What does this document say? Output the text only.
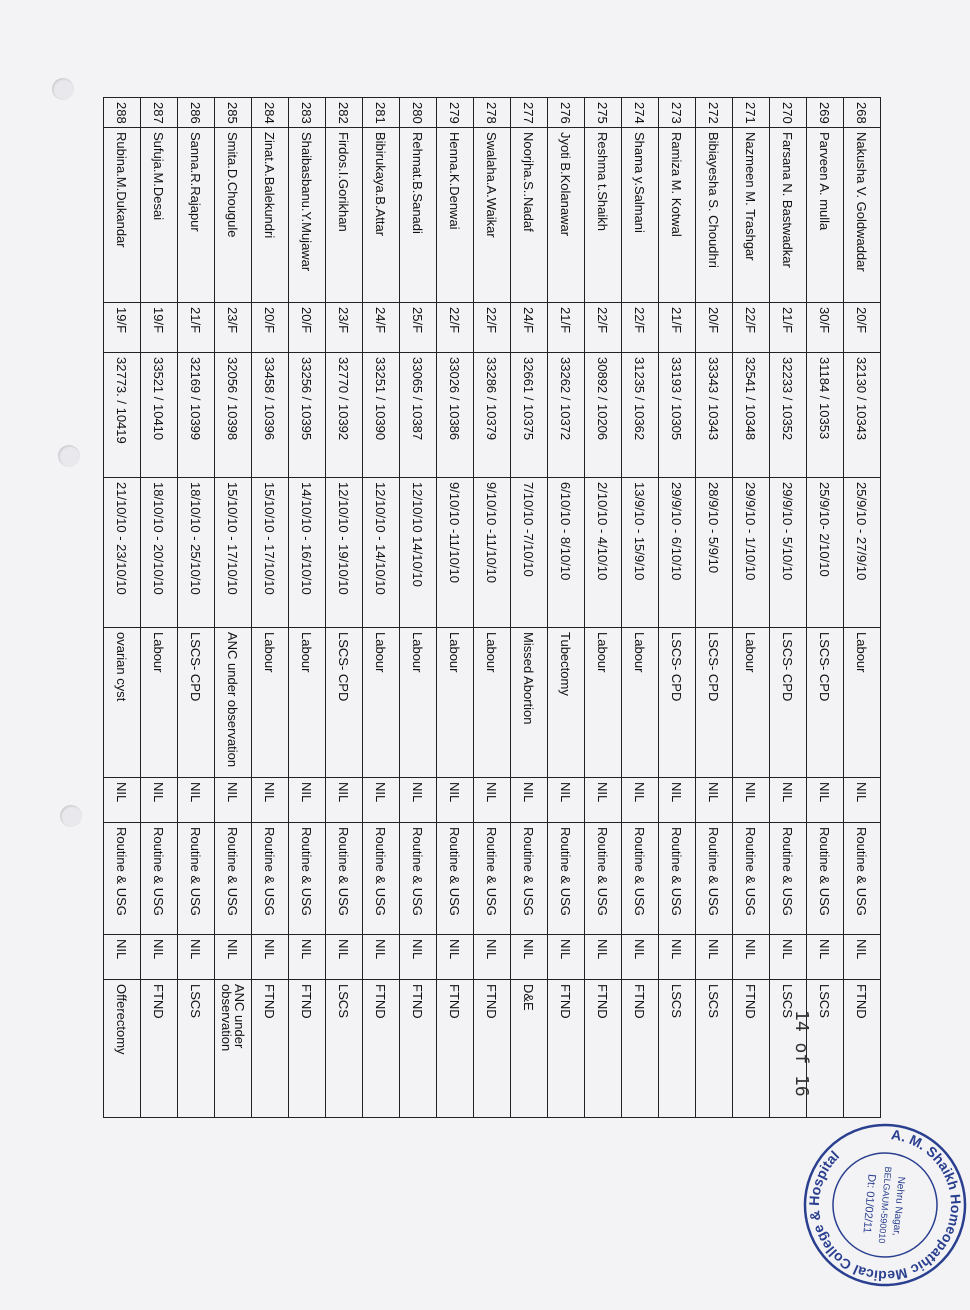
268	Nakusha V. Goldwaddar	20/F	32130 / 10343	25/9/10 - 27/9/10	Labour	NIL	Routine & USG	NIL	FTND
269	Parveen A. mulla	30/F	31184 / 10353	25/9/10- 2/10/10	LSCS- CPD	NIL	Routine & USG	NIL	LSCS
270	Farsana N. Bastwadkar	21/F	32233 / 10352	29/9/10 - 5/10/10	LSCS- CPD	NIL	Routine & USG	NIL	LSCS
271	Nazmeen M. Trashgar	22/F	32541 / 10348	29/9/10 - 1/10/10	Labour	NIL	Routine & USG	NIL	FTND
272	Bibiayesha S. Choudhri	20/F	33343 / 10343	28/9/10 - 5/9/10	LSCS- CPD	NIL	Routine & USG	NIL	LSCS
273	Ramiza M. Kotwal	21/F	33193 / 10305	29/9/10 - 6/10/10	LSCS- CPD	NIL	Routine & USG	NIL	LSCS
274	Shama y.Salmani	22/F	31235 / 10362	13/9/10 - 15/9/10	Labour	NIL	Routine & USG	NIL	FTND
275	Reshma t.Shaikh	22/F	30892 / 10206	2/10/10 - 4/10/10	Labour	NIL	Routine & USG	NIL	FTND
276	Jyoti B.Kolanawar	21/F	33262 / 10372	6/10/10 - 8/10/10	Tubectomy	NIL	Routine & USG	NIL	FTND
277	Noorjha.S..Nadaf	24/F	32661 / 10375	7/10/10 -7/10/10	Missed Abortion	NIL	Routine & USG	NIL	D&E
278	Swalaha.A.Waikar	22/F	33286 / 10379	9/10/10 -11/10/10	Labour	NIL	Routine & USG	NIL	FTND
279	Henna.K.Denwai	22/F	33026 / 10386	9/10/10 -11/10/10	Labour	NIL	Routine & USG	NIL	FTND
280	Rehmat.B.Sanadi	25/F	33065 / 10387	12/10/10 14/10/10	Labour	NIL	Routine & USG	NIL	FTND
281	Bibirukaya.B.Attar	24/F	33251 / 10390	12/10/10 - 14/10/10	Labour	NIL	Routine & USG	NIL	FTND
282	Firdos.I.Gorikhan	23/F	32770 / 10392	12/10/10 - 19/10/10	LSCS- CPD	NIL	Routine & USG	NIL	LSCS
283	Shaibasbanu.Y.Mujawar	20/F	33256 / 10395	14/10/10 - 16/10/10	Labour	NIL	Routine & USG	NIL	FTND
284	Zinat.A.Balekundri	20/F	33458 / 10396	15/10/10 - 17/10/10	Labour	NIL	Routine & USG	NIL	FTND
285	Smita.D.Chougule	23/F	32056 / 10398	15/10/10 - 17/10/10	ANC under observation	NIL	Routine & USG	NIL	ANC under observation
286	Sanna.R.Rajapur	21/F	32169 / 10399	18/10/10 - 25/10/10	LSCS- CPD	NIL	Routine & USG	NIL	LSCS
287	Sufuja.M.Desai	19/F	33521 / 10410	18/10/10 - 20/10/10	Labour	NIL	Routine & USG	NIL	FTND
288	Rubina.M.Dukandar	19/F	32773. / 10419	21/10/10 - 23/10/10	ovarian cyst	NIL	Routine & USG	NIL	Offerectomy	14 of 16
A. M. Shaikh Homeopathic Medical College & Hospital
Nehru Nagar,
BELGAUM-590010
Dt: 01/02/11
